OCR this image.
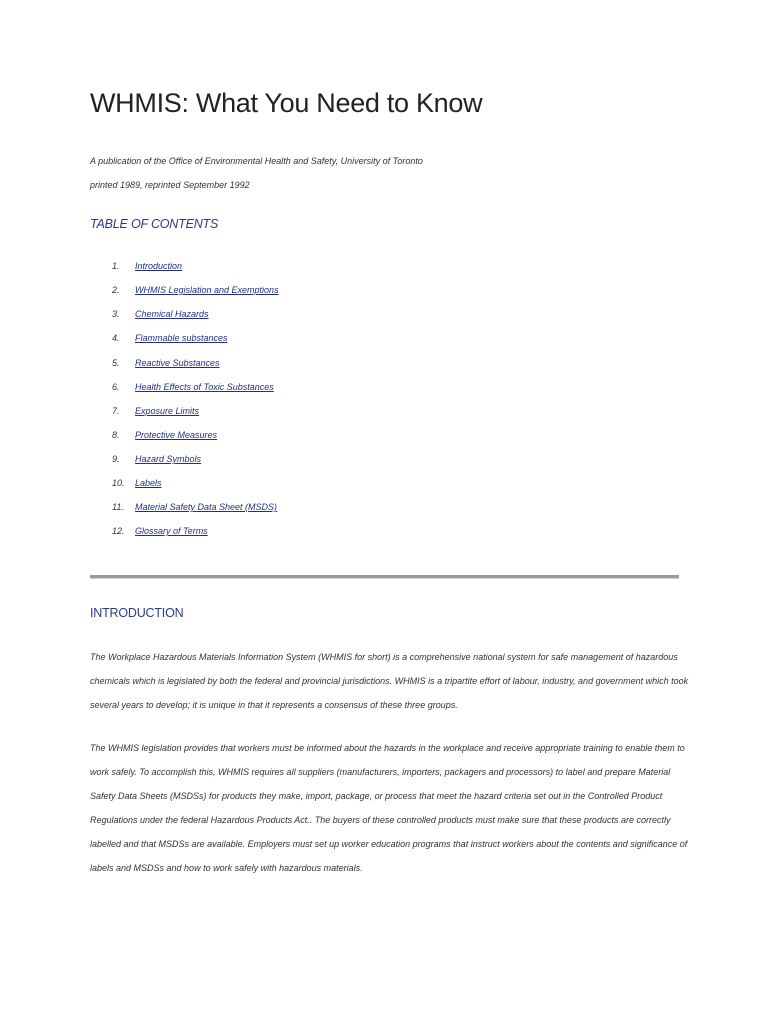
WHMIS: What You Need to Know

A publication of the Office of Environmental Health and Safety, University of Toronto

printed 1989, reprinted September 1992

TABLE OF CONTENTS
1.	Introduction
2.	WHMIS Legislation and Exemptions
3.	Chemical Hazards
4.	Flammable substances
5.	Reactive Substances
6.	Health Effects of Toxic Substances
7.	Exposure Limits
8.	Protective Measures
9.	Hazard Symbols
10.	Labels
11.	Material Safety Data Sheet (MSDS)
12.	Glossary of Terms
INTRODUCTION

The Workplace Hazardous Materials Information System (WHMIS for short) is a comprehensive national system for safe management of hazardous chemicals which is legislated by both the federal and provincial jurisdictions. WHMIS is a tripartite effort of labour, industry, and government which took several years to develop; it is unique in that it represents a consensus of these three groups.

The WHMIS legislation provides that workers must be informed about the hazards in the workplace and receive appropriate training to enable them to work safely. To accomplish this, WHMIS requires all suppliers (manufacturers, importers, packagers and processors) to label and prepare Material Safety Data Sheets (MSDSs) for products they make, import, package, or process that meet the hazard criteria set out in the Controlled Product Regulations under the federal Hazardous Products Act.. The buyers of these controlled products must make sure that these products are correctly labelled and that MSDSs are available. Employers must set up worker education programs that instruct workers about the contents and significance of labels and MSDSs and how to work safely with hazardous materials.
